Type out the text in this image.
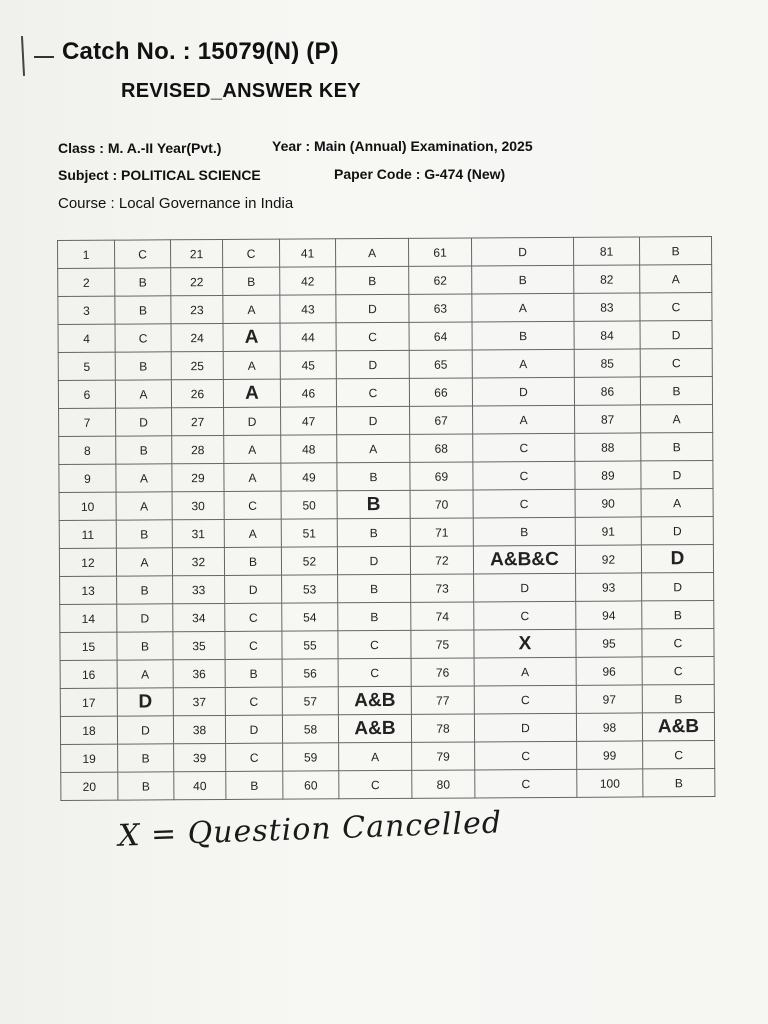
Catch No. : 15079(N) (P)
REVISED_ANSWER KEY
Class : M. A.-II Year(Pvt.)	Year : Main (Annual) Examination, 2025
Subject : POLITICAL SCIENCE	Paper Code : G-474 (New)
Course : Local Governance in India
1	C	21	C	41	A	61	D	81	B
2	B	22	B	42	B	62	B	82	A
3	B	23	A	43	D	63	A	83	C
4	C	24	A	44	C	64	B	84	D
5	B	25	A	45	D	65	A	85	C
6	A	26	A	46	C	66	D	86	B
7	D	27	D	47	D	67	A	87	A
8	B	28	A	48	A	68	C	88	B
9	A	29	A	49	B	69	C	89	D
10	A	30	C	50	B	70	C	90	A
11	B	31	A	51	B	71	B	91	D
12	A	32	B	52	D	72	A&B&C	92	D
13	B	33	D	53	B	73	D	93	D
14	D	34	C	54	B	74	C	94	B
15	B	35	C	55	C	75	X	95	C
16	A	36	B	56	C	76	A	96	C
17	D	37	C	57	A&B	77	C	97	B
18	D	38	D	58	A&B	78	D	98	A&B
19	B	39	C	59	A	79	C	99	C
20	B	40	B	60	C	80	C	100	B
X = Question Cancelled
